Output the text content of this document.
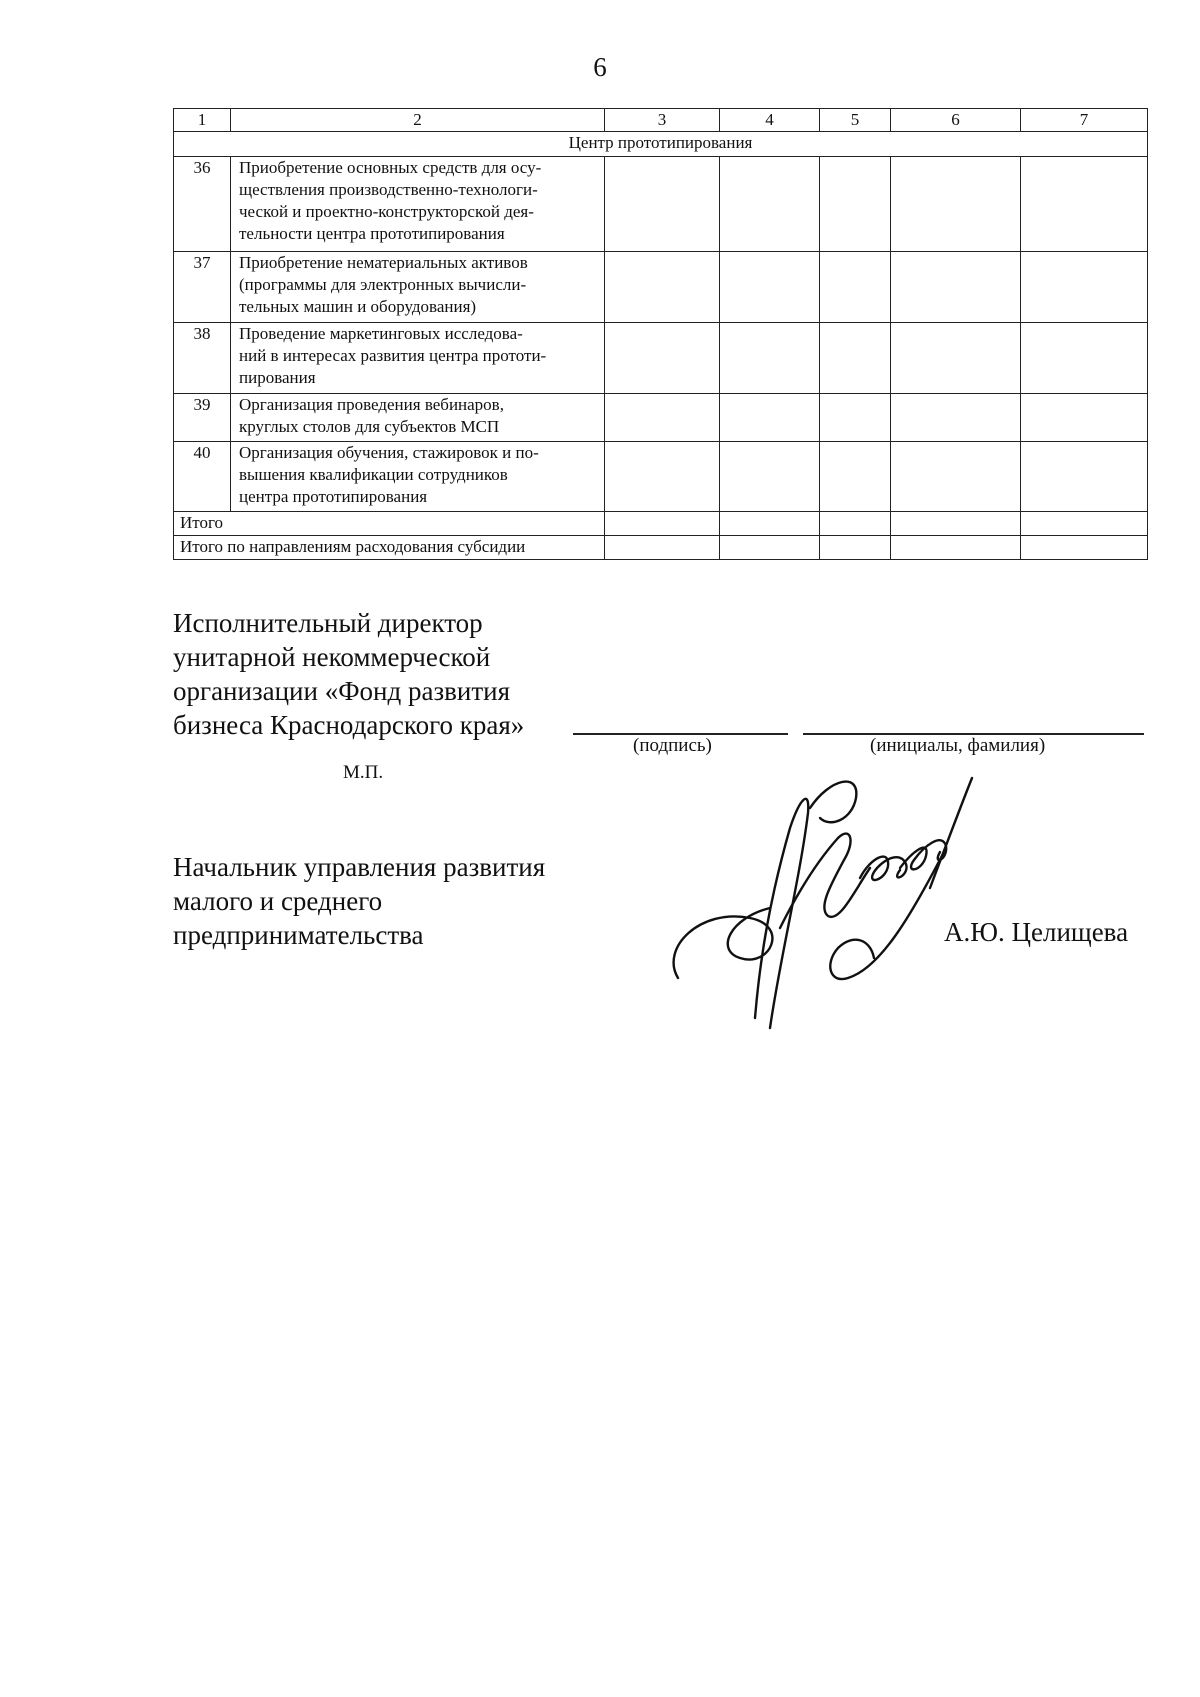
6
1	2	3	4	5	6	7
Центр прототипирования						
36	Приобретение основных средств для осу-
ществления производственно-технологи-
ческой и проектно-конструкторской дея-
тельности центра прототипирования					

37	Приобретение нематериальных активов
(программы для электронных вычисли-
тельных машин и оборудования)					

38	Проведение маркетинговых исследова-
ний в интересах развития центра прототи-
пирования					

39	Организация проведения вебинаров,
круглых столов для субъектов МСП					

40	Организация обучения, стажировок и по-
вышения квалификации сотрудников
центра прототипирования					

Итого						
Итого по направлениям расходования субсидии						
Исполнительный директор
унитарной некоммерческой
организации «Фонд развития
бизнеса Краснодарского края»
(подпись)	(инициалы, фамилия)
М.П.
Начальник управления развития
малого и среднего
предпринимательства	А.Ю. Целищева
